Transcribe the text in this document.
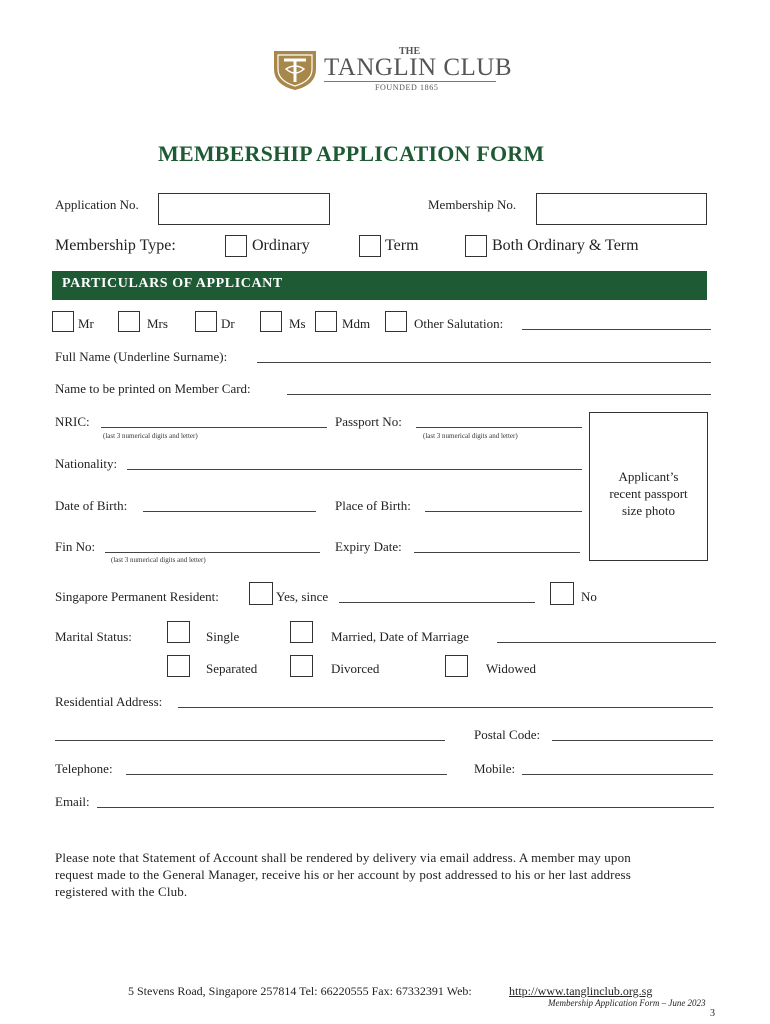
THE
TANGLIN CLUB
FOUNDED 1865
MEMBERSHIP APPLICATION FORM
Application No.	Membership No.
Membership Type:	Ordinary	Term	Both Ordinary & Term
PARTICULARS OF APPLICANT
Mr	Mrs	Dr	Ms	Mdm	Other Salutation:
Full Name (Underline Surname):
Name to be printed on Member Card:
NRIC:
(last 3 numerical digits and letter)
Passport No:
(last 3 numerical digits and letter)
Applicant’s
recent passport
size photo
Nationality:
Date of Birth:	Place of Birth:
Fin No:
(last 3 numerical digits and letter)
Expiry Date:
Singapore Permanent Resident:	Yes, since	No
Marital Status:	Single	Married, Date of Marriage
Separated	Divorced	Widowed
Residential Address:
Postal Code:
Telephone:	Mobile:
Email:
Please note that Statement of Account shall be rendered by delivery via email address. A member may upon
request made to the General Manager, receive his or her account by post addressed to his or her last address
registered with the Club.
5 Stevens Road, Singapore 257814 Tel: 66220555 Fax: 67332391 Web:	http://www.tanglinclub.org.sg
Membership Application Form – June 2023
3
